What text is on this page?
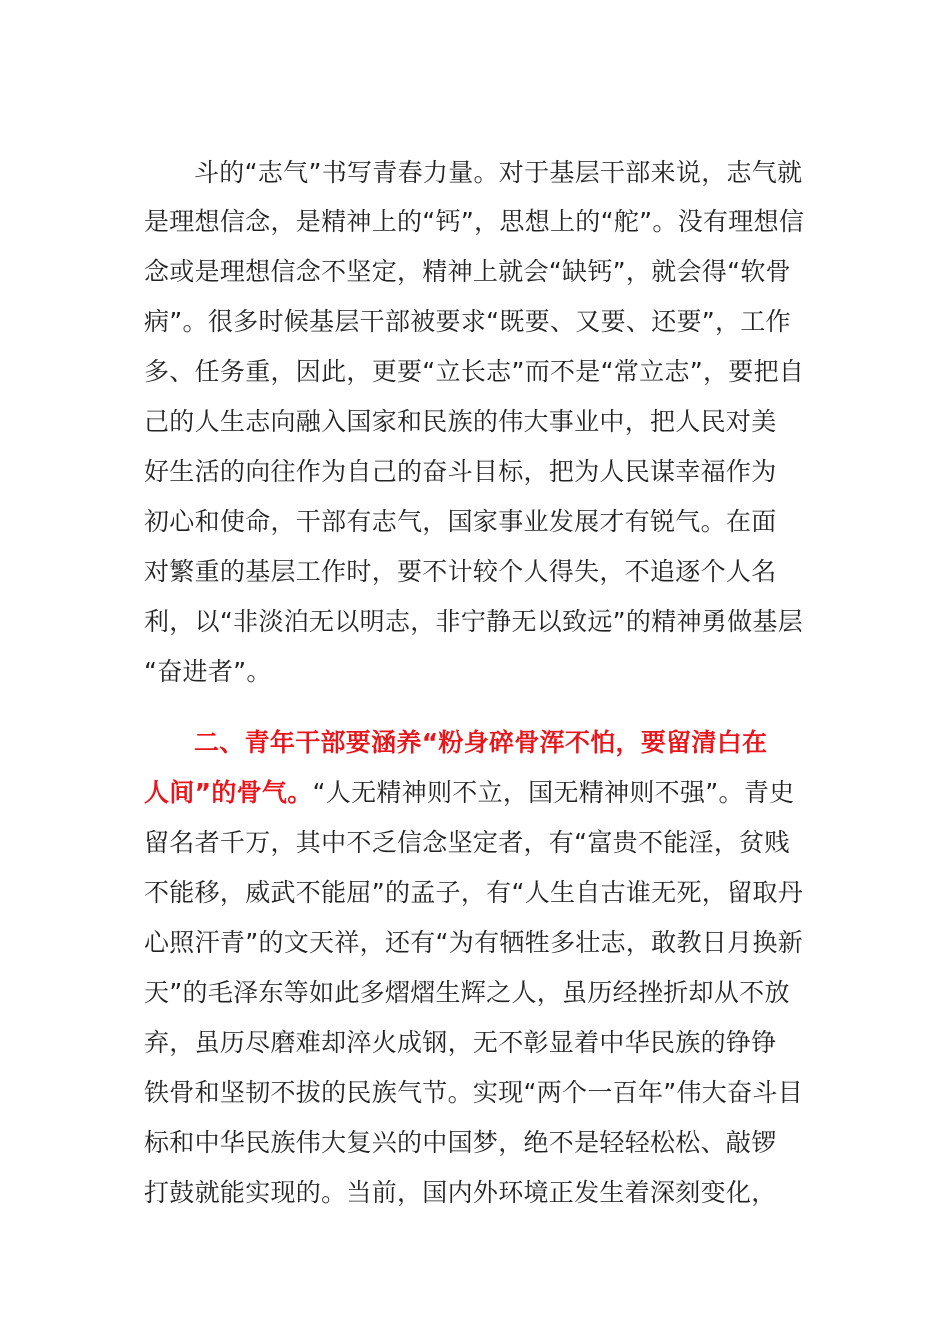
斗的“志气”书写青春力量。对于基层干部来说，志气就
是理想信念，是精神上的“钙”，思想上的“舵”。没有理想信
念或是理想信念不坚定，精神上就会“缺钙”，就会得“软骨
病”。很多时候基层干部被要求“既要、又要、还要”，工作
多、任务重，因此，更要“立长志”而不是“常立志”，要把自
己的人生志向融入国家和民族的伟大事业中，把人民对美
好生活的向往作为自己的奋斗目标，把为人民谋幸福作为
初心和使命，干部有志气，国家事业发展才有锐气。在面
对繁重的基层工作时，要不计较个人得失，不追逐个人名
利，以“非淡泊无以明志，非宁静无以致远”的精神勇做基层
“奋进者”。
二、青年干部要涵养“粉身碎骨浑不怕，要留清白在
人间”的骨气。“人无精神则不立，国无精神则不强”。青史
留名者千万，其中不乏信念坚定者，有“富贵不能淫，贫贱
不能移，威武不能屈”的孟子，有“人生自古谁无死，留取丹
心照汗青”的文天祥，还有“为有牺牲多壮志，敢教日月换新
天”的毛泽东等如此多熠熠生辉之人，虽历经挫折却从不放
弃，虽历尽磨难却淬火成钢，无不彰显着中华民族的铮铮
铁骨和坚韧不拔的民族气节。实现“两个一百年”伟大奋斗目
标和中华民族伟大复兴的中国梦，绝不是轻轻松松、敲锣
打鼓就能实现的。当前，国内外环境正发生着深刻变化，
